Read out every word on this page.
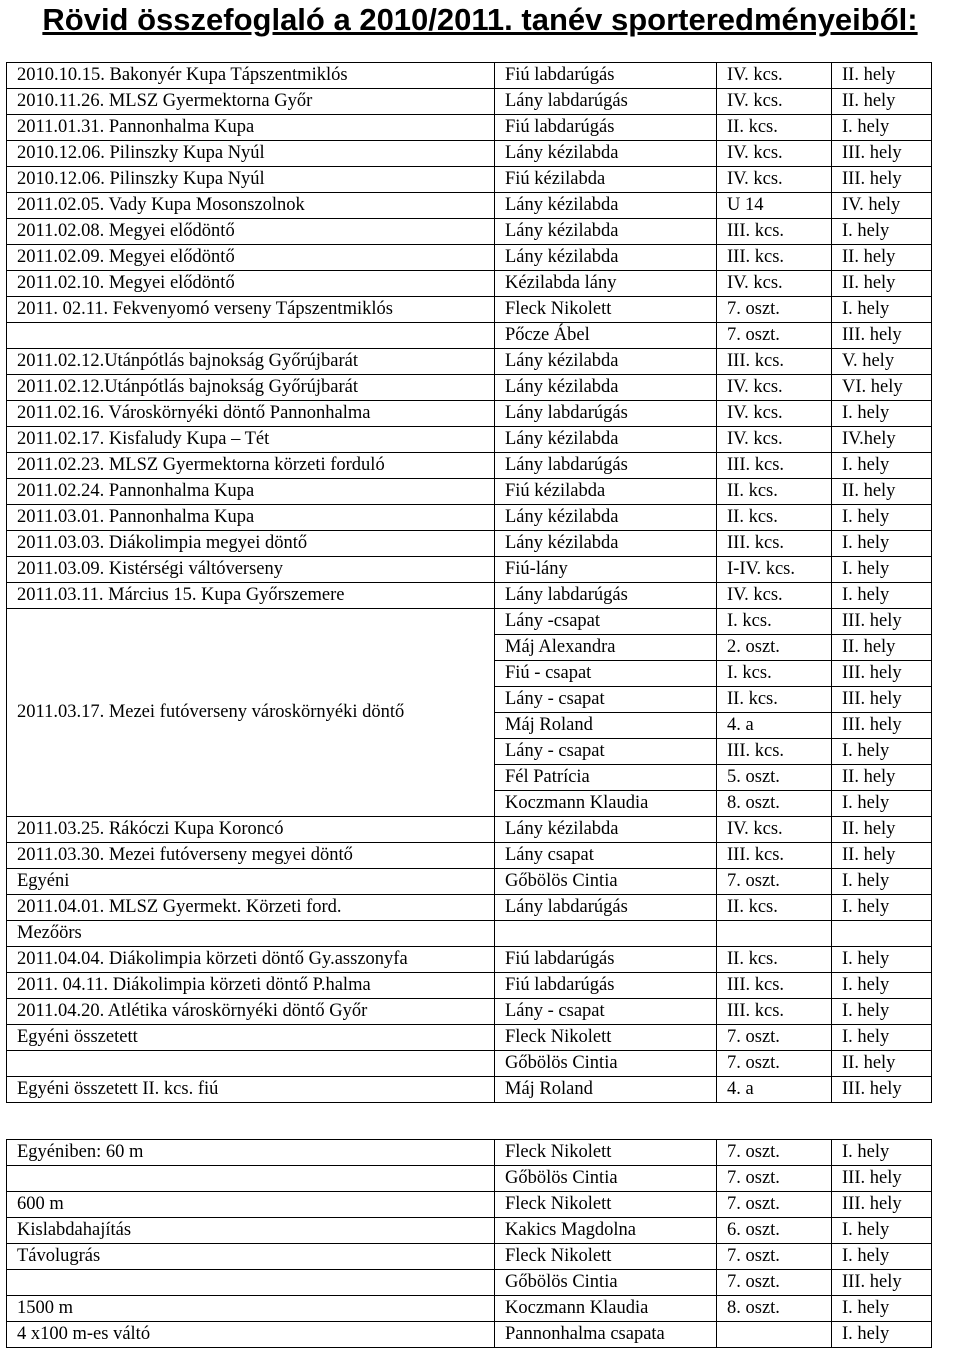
Rövid összefoglaló a 2010/2011. tanév sporteredményeiből:
2010.10.15. Bakonyér Kupa Tápszentmiklós	Fiú labdarúgás	IV. kcs.	II. hely
2010.11.26. MLSZ Gyermektorna Győr	Lány labdarúgás	IV. kcs.	II. hely
2011.01.31. Pannonhalma Kupa	Fiú labdarúgás	II. kcs.	I. hely
2010.12.06. Pilinszky Kupa Nyúl	Lány kézilabda	IV. kcs.	III. hely
2010.12.06. Pilinszky Kupa Nyúl	Fiú kézilabda	IV. kcs.	III. hely
2011.02.05. Vady Kupa Mosonszolnok	Lány kézilabda	U 14	IV. hely
2011.02.08. Megyei elődöntő	Lány kézilabda	III. kcs.	I. hely
2011.02.09. Megyei elődöntő	Lány kézilabda	III. kcs.	II. hely
2011.02.10. Megyei elődöntő	Kézilabda lány	IV. kcs.	II. hely
2011. 02.11. Fekvenyomó verseny Tápszentmiklós	Fleck Nikolett	7. oszt.	I. hely
	Pőcze Ábel	7. oszt.	III. hely
2011.02.12.Utánpótlás bajnokság Győrújbarát	Lány kézilabda	III. kcs.	V. hely
2011.02.12.Utánpótlás bajnokság Győrújbarát	Lány kézilabda	IV. kcs.	VI. hely
2011.02.16. Városkörnyéki döntő Pannonhalma	Lány labdarúgás	IV. kcs.	I. hely
2011.02.17. Kisfaludy Kupa – Tét	Lány kézilabda	IV. kcs.	IV.hely
2011.02.23. MLSZ Gyermektorna körzeti forduló	Lány labdarúgás	III. kcs.	I. hely
2011.02.24. Pannonhalma Kupa	Fiú kézilabda	II. kcs.	II. hely
2011.03.01. Pannonhalma Kupa	Lány kézilabda	II. kcs.	I. hely
2011.03.03. Diákolimpia megyei döntő	Lány kézilabda	III. kcs.	I. hely
2011.03.09. Kistérségi váltóverseny	Fiú-lány	I-IV. kcs.	I. hely
2011.03.11. Március 15. Kupa Győrszemere	Lány labdarúgás	IV. kcs.	I. hely
2011.03.17. Mezei futóverseny városkörnyéki döntő	Lány -csapat	I. kcs.	III. hely
	Máj Alexandra	2. oszt.	II. hely
	Fiú - csapat	I. kcs.	III. hely
	Lány - csapat	II. kcs.	III. hely
	Máj Roland	4. a	III. hely
	Lány - csapat	III. kcs.	I. hely
	Fél Patrícia	5. oszt.	II. hely
	Koczmann Klaudia	8. oszt.	I. hely
2011.03.25. Rákóczi Kupa Koroncó	Lány kézilabda	IV. kcs.	II. hely
2011.03.30. Mezei futóverseny megyei döntő	Lány csapat	III. kcs.	II. hely
Egyéni	Gőbölös Cintia	7. oszt.	I. hely
2011.04.01. MLSZ Gyermekt. Körzeti ford.	Lány labdarúgás	II. kcs.	I. hely
Mezőörs			
2011.04.04. Diákolimpia körzeti döntő Gy.asszonyfa	Fiú labdarúgás	II. kcs.	I. hely
2011. 04.11. Diákolimpia körzeti döntő P.halma	Fiú labdarúgás	III. kcs.	I. hely
2011.04.20. Atlétika városkörnyéki döntő Győr	Lány - csapat	III. kcs.	I. hely
Egyéni összetett	Fleck Nikolett	7. oszt.	I. hely
	Gőbölös Cintia	7. oszt.	II. hely
Egyéni összetett II. kcs. fiú	Máj Roland	4. a	III. hely
Egyéniben: 60 m	Fleck Nikolett	7. oszt.	I. hely
	Gőbölös Cintia	7. oszt.	III. hely
600 m	Fleck Nikolett	7. oszt.	III. hely
Kislabdahajítás	Kakics Magdolna	6. oszt.	I. hely
Távolugrás	Fleck Nikolett	7. oszt.	I. hely
	Gőbölös Cintia	7. oszt.	III. hely
1500 m	Koczmann Klaudia	8. oszt.	I. hely
4 x100 m-es váltó	Pannonhalma csapata		I. hely
